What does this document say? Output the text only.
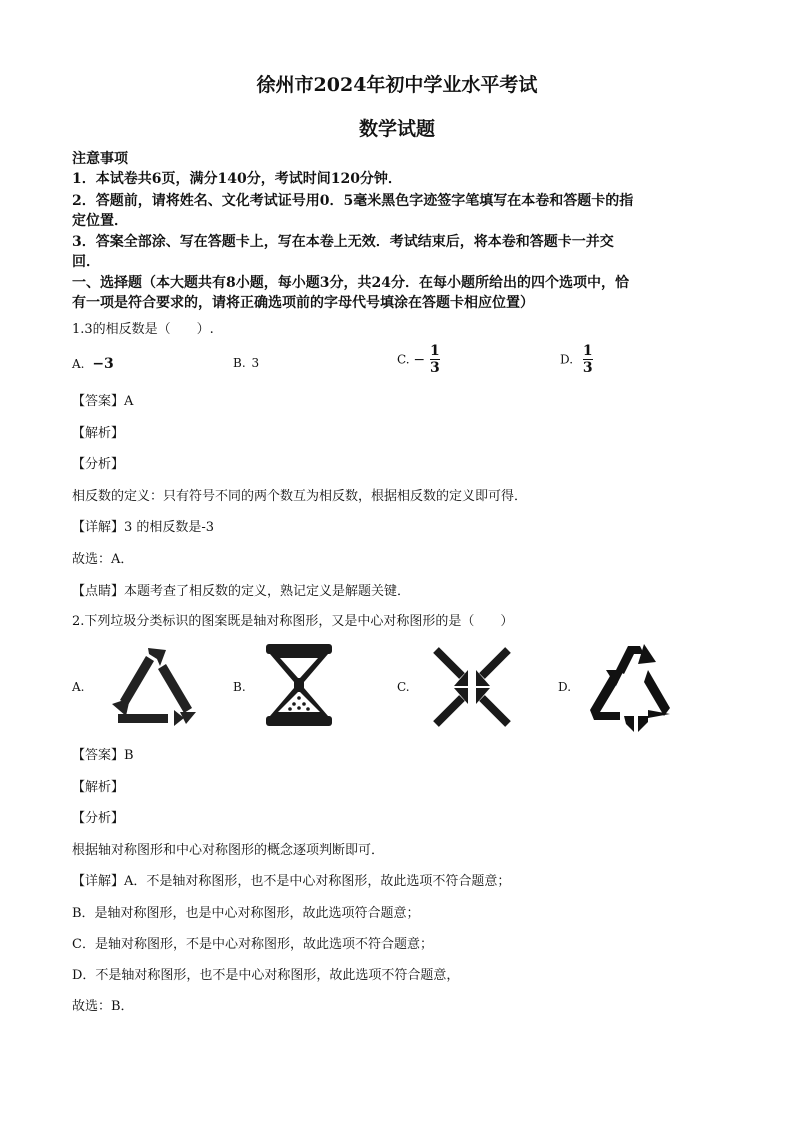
徐州市2024年初中学业水平考试
数学试题
注意事项
1．本试卷共6页，满分140分，考试时间120分钟．
2．答题前，请将姓名、文化考试证号用0．5毫米黑色字迹签字笔填写在本卷和答题卡的指
定位置．
3．答案全部涂、写在答题卡上，写在本卷上无效．考试结束后，将本卷和答题卡一并交
回．
一、选择题（本大题共有8小题，每小题3分，共24分．在每小题所给出的四个选项中，恰
有一项是符合要求的，请将正确选项前的字母代号填涂在答题卡相应位置）
1.3的相反数是（　　）.
A. −3	B. 3	C. − $\frac{1}{3}$	D. $\frac{1}{3}$
【答案】A
【解析】
【分析】
相反数的定义：只有符号不同的两个数互为相反数，根据相反数的定义即可得．
【详解】3 的相反数是-3
故选：A．
【点睛】本题考查了相反数的定义，熟记定义是解题关键．
2.下列垃圾分类标识的图案既是轴对称图形，又是中心对称图形的是（　　）
A.	B.	C.	D.
【答案】B
【解析】
【分析】
根据轴对称图形和中心对称图形的概念逐项判断即可．
【详解】A．不是轴对称图形，也不是中心对称图形，故此选项不符合题意；
B．是轴对称图形，也是中心对称图形，故此选项符合题意；
C．是轴对称图形，不是中心对称图形，故此选项不符合题意；
D．不是轴对称图形，也不是中心对称图形，故此选项不符合题意，
故选：B．
